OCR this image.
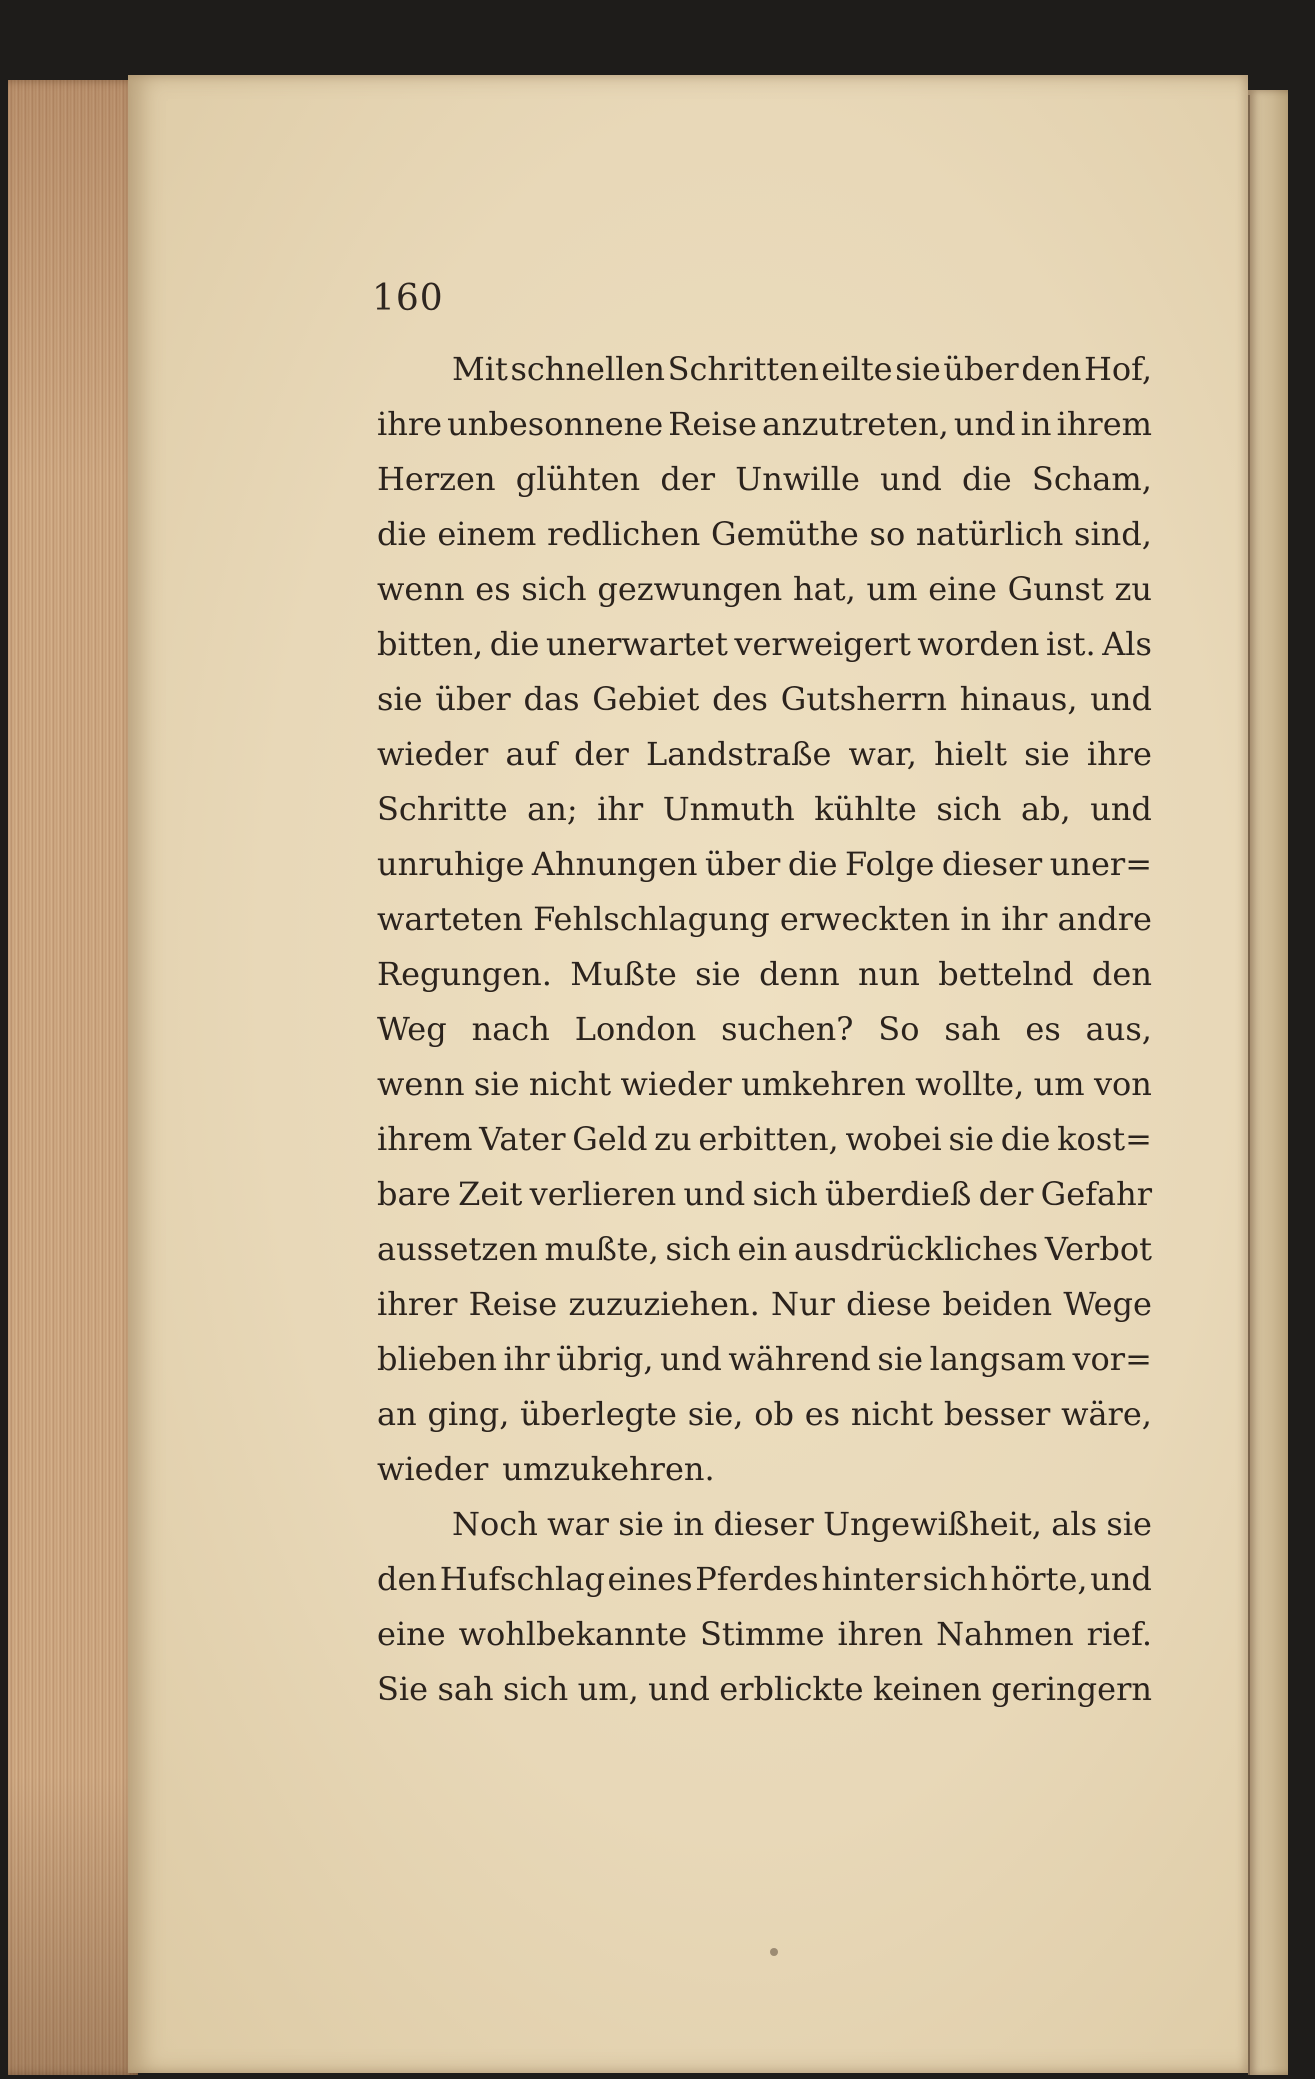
160
Mit schnellen Schritten eilte sie über den Hof,
ihre unbesonnene Reise anzutreten, und in ihrem
Herzen glühten der Unwille und die Scham,
die einem redlichen Gemüthe so natürlich sind,
wenn es sich gezwungen hat, um eine Gunst zu
bitten, die unerwartet verweigert worden ist. Als
sie über das Gebiet des Gutsherrn hinaus, und
wieder auf der Landstraße war, hielt sie ihre
Schritte an; ihr Unmuth kühlte sich ab, und
unruhige Ahnungen über die Folge dieser uner=
warteten Fehlschlagung erweckten in ihr andre
Regungen. Mußte sie denn nun bettelnd den
Weg nach London suchen? So sah es aus,
wenn sie nicht wieder umkehren wollte, um von
ihrem Vater Geld zu erbitten, wobei sie die kost=
bare Zeit verlieren und sich überdieß der Gefahr
aussetzen mußte, sich ein ausdrückliches Verbot
ihrer Reise zuzuziehen. Nur diese beiden Wege
blieben ihr übrig, und während sie langsam vor=
an ging, überlegte sie, ob es nicht besser wäre,
wieder umzukehren.
Noch war sie in dieser Ungewißheit, als sie
den Hufschlag eines Pferdes hinter sich hörte, und
eine wohlbekannte Stimme ihren Nahmen rief.
Sie sah sich um, und erblickte keinen geringern
